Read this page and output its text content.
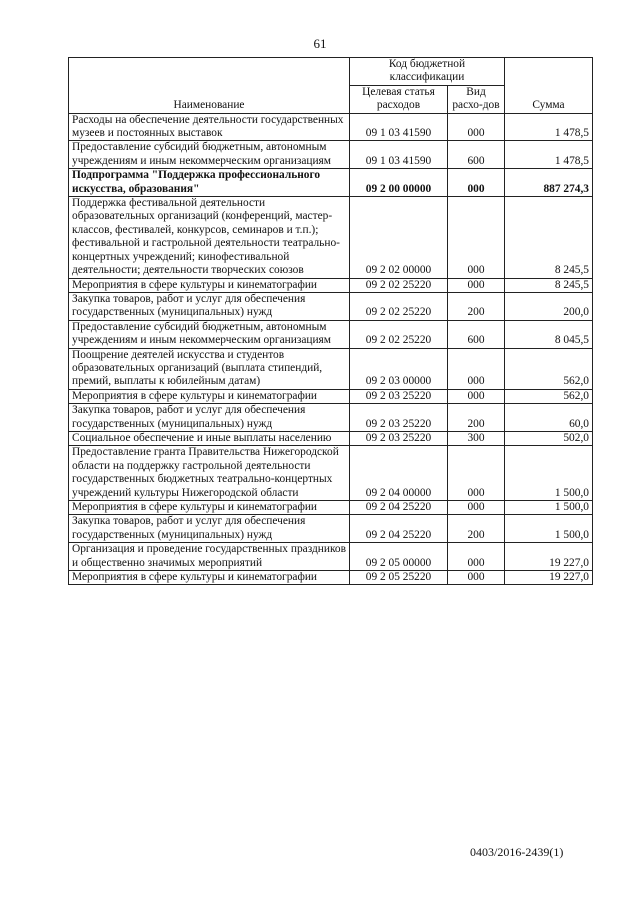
61
Наименование	Код бюджетной классификации		Сумма
	Целевая статья расходов	Вид расхо-дов	
Расходы на обеспечение деятельности государственных музеев и постоянных выставок	09 1 03 41590	000	1 478,5
Предоставление субсидий бюджетным, автономным учреждениям и иным некоммерческим организациям	09 1 03 41590	600	1 478,5
Подпрограмма "Поддержка профессионального искусства, образования"	09 2 00 00000	000	887 274,3
Поддержка фестивальной деятельности образовательных организаций (конференций, мастер-классов, фестивалей, конкурсов, семинаров и т.п.); фестивальной и гастрольной деятельности театрально-концертных учреждений; кинофестивальной деятельности; деятельности творческих союзов	09 2 02 00000	000	8 245,5
Мероприятия в сфере культуры и кинематографии	09 2 02 25220	000	8 245,5
Закупка товаров, работ и услуг для обеспечения государственных (муниципальных) нужд	09 2 02 25220	200	200,0
Предоставление субсидий бюджетным, автономным учреждениям и иным некоммерческим организациям	09 2 02 25220	600	8 045,5
Поощрение деятелей искусства и студентов образовательных организаций (выплата стипендий, премий, выплаты к юбилейным датам)	09 2 03 00000	000	562,0
Мероприятия в сфере культуры и кинематографии	09 2 03 25220	000	562,0
Закупка товаров, работ и услуг для обеспечения государственных (муниципальных) нужд	09 2 03 25220	200	60,0
Социальное обеспечение и иные выплаты населению	09 2 03 25220	300	502,0
Предоставление гранта Правительства Нижегородской области на поддержку гастрольной деятельности государственных бюджетных театрально-концертных учреждений культуры Нижегородской области	09 2 04 00000	000	1 500,0
Мероприятия в сфере культуры и кинематографии	09 2 04 25220	000	1 500,0
Закупка товаров, работ и услуг для обеспечения государственных (муниципальных) нужд	09 2 04 25220	200	1 500,0
Организация и проведение государственных праздников и общественно значимых мероприятий	09 2 05 00000	000	19 227,0
Мероприятия в сфере культуры и кинематографии	09 2 05 25220	000	19 227,0
0403/2016-2439(1)
